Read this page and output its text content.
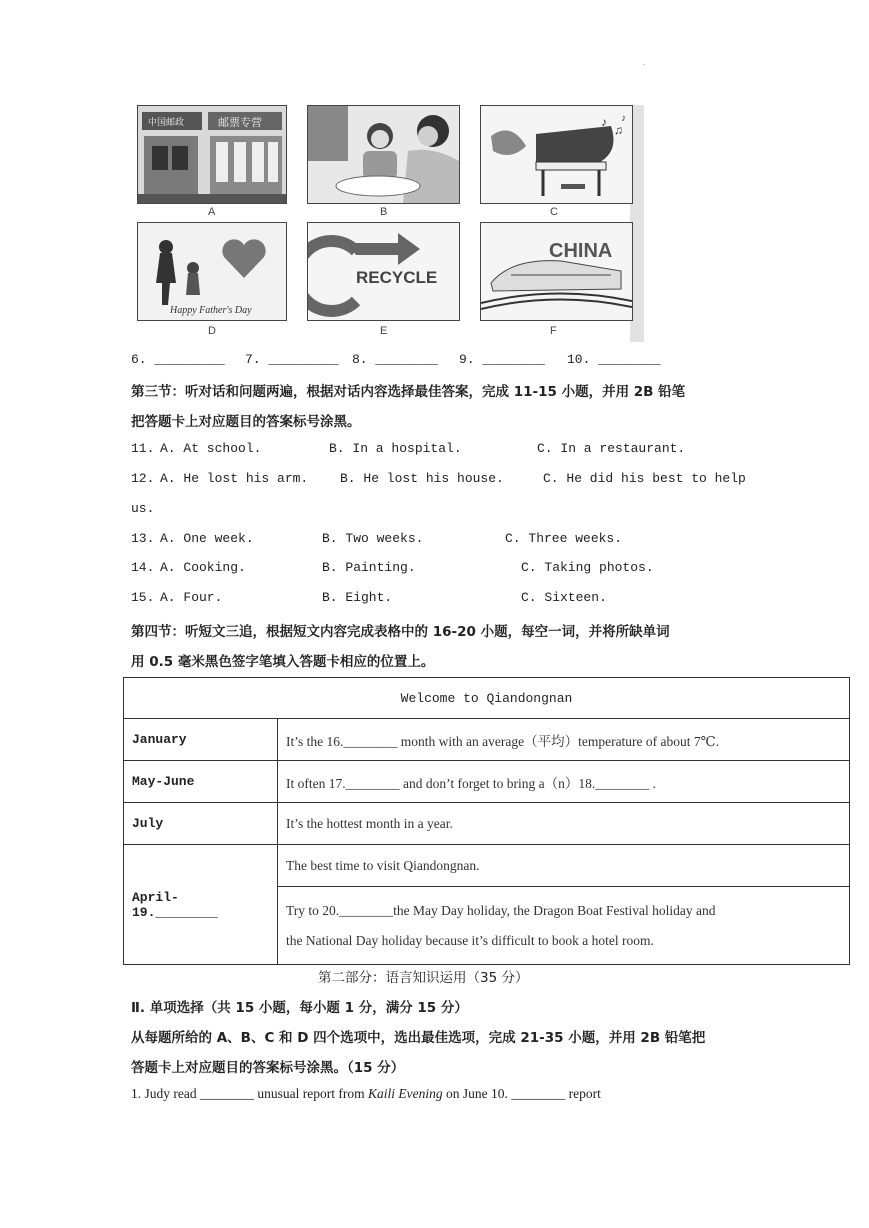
.
中国邮政	邮票专营
A	B
♪
♫
♪
C
Happy Father's Day
D
RECYCLE
E
CHINA
F
6. _________ 7. _________ 8. ________ 9. ________ 10. ________
第三节：听对话和问题两遍，根据对话内容选择最佳答案，完成 11-15 小题，并用 2B 铅笔
把答题卡上对应题目的答案标号涂黑。
11. A. At school.	B. In a hospital.	C. In a restaurant.
12. A. He lost his arm. B. He lost his house.	C. He did his best to help
us.
13. A. One week.	B. Two weeks.	C. Three weeks.
14. A. Cooking.	B. Painting.	C. Taking photos.
15. A. Four.	B. Eight.	C. Sixteen.
第四节：听短文三追，根据短文内容完成表格中的 16-20 小题，每空一词，并将所缺单词
用 0.5 毫米黑色签字笔填入答题卡相应的位置上。
Welcome to Qiandongnan	
January	It’s the 16.________ month with an average（平均）temperature of about 7℃.
May-June	It often 17.________ and don’t forget to bring a（n）18.________ .
July	It’s the hottest month in a year.
April- 19.________	The best time to visit Qiandongnan.

	Try to 20.________the May Day holiday, the Dragon Boat Festival holiday and
the National Day holiday because it’s difficult to book a hotel room.
第二部分：语言知识运用（35 分）
Ⅱ. 单项选择（共 15 小题，每小题 1 分，满分 15 分）
从每题所给的 A、B、C 和 D 四个选项中，选出最佳选项，完成 21-35 小题，并用 2B 铅笔把
答题卡上对应题目的答案标号涂黑。（15 分）
1. Judy read ________ unusual report from Kaili Evening on June 10. ________ report
